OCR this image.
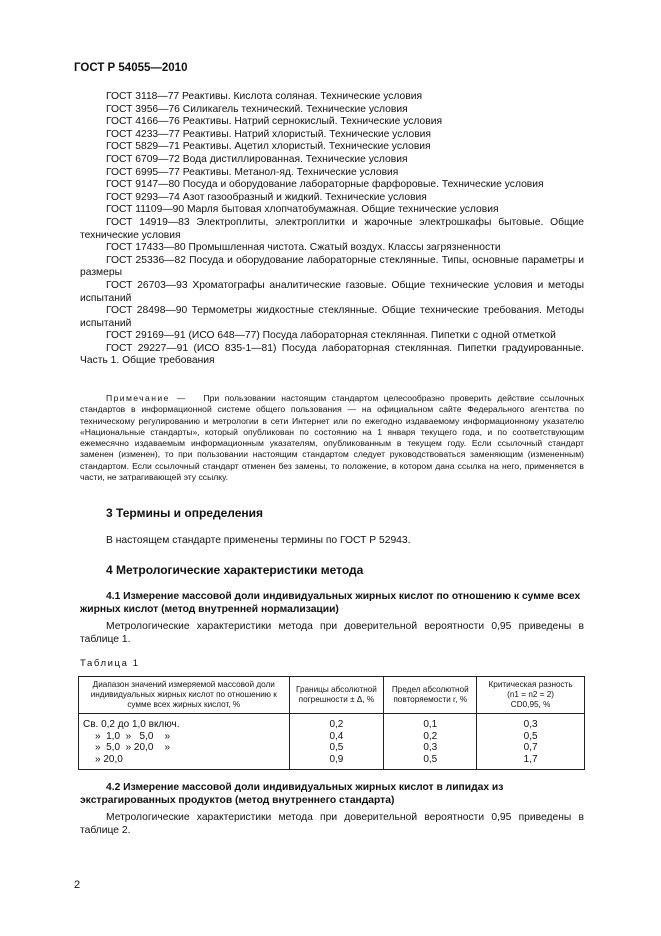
ГОСТ Р 54055—2010

ГОСТ 3118—77 Реактивы. Кислота соляная. Технические условия

ГОСТ 3956—76 Силикагель технический. Технические условия

ГОСТ 4166—76 Реактивы. Натрий сернокислый. Технические условия

ГОСТ 4233—77 Реактивы. Натрий хлористый. Технические условия

ГОСТ 5829—71 Реактивы. Ацетил хлористый. Технические условия

ГОСТ 6709—72 Вода дистиллированная. Технические условия

ГОСТ 6995—77 Реактивы. Метанол-яд. Технические условия

ГОСТ 9147—80 Посуда и оборудование лабораторные фарфоровые. Технические условия

ГОСТ 9293—74 Азот газообразный и жидкий. Технические условия

ГОСТ 11109—90 Марля бытовая хлопчатобумажная. Общие технические условия

ГОСТ 14919—83 Электроплиты, электроплитки и жарочные электрошкафы бытовые. Общие технические условия

ГОСТ 17433—80 Промышленная чистота. Сжатый воздух. Классы загрязненности

ГОСТ 25336—82 Посуда и оборудование лабораторные стеклянные. Типы, основные параметры и размеры

ГОСТ 26703—93 Хроматографы аналитические газовые. Общие технические условия и методы испытаний

ГОСТ 28498—90 Термометры жидкостные стеклянные. Общие технические требования. Методы испытаний

ГОСТ 29169—91 (ИСО 648—77) Посуда лабораторная стеклянная. Пипетки с одной отметкой

ГОСТ 29227—91 (ИСО 835-1—81) Посуда лабораторная стеклянная. Пипетки градуированные. Часть 1. Общие требования

Примечание — При пользовании настоящим стандартом целесообразно проверить действие ссылочных стандартов в информационной системе общего пользования — на официальном сайте Федерального агентства по техническому регулированию и метрологии в сети Интернет или по ежегодно издаваемому информационному указателю «Национальные стандарты», который опубликован по состоянию на 1 января текущего года, и по соответствующим ежемесячно издаваемым информационным указателям, опубликованным в текущем году. Если ссылочный стандарт заменен (изменен), то при пользовании настоящим стандартом следует руководствоваться заменяющим (измененным) стандартом. Если ссылочный стандарт отменен без замены, то положение, в котором дана ссылка на него, применяется в части, не затрагивающей эту ссылку.

3 Термины и определения

В настоящем стандарте применены термины по ГОСТ Р 52943.

4 Метрологические характеристики метода

4.1 Измерение массовой доли индивидуальных жирных кислот по отношению к сумме всех жирных кислот (метод внутренней нормализации)

Метрологические характеристики метода при доверительной вероятности 0,95 приведены в таблице 1.

Таблица 1

Диапазон значений измеряемой массовой доли индивидуальных жирных кислот по отношению к сумме всех жирных кислот, %	Границы абсолютной погрешности ± Δ, %	Предел абсолютной повторяемости r, %	Критическая разность
(n1 = n2 = 2)
CD0,95, %

Св. 0,2 до 1,0 включ.	0,2	0,1	0,3
»  1,0  »   5,0    »	0,4	0,2	0,5
»  5,0  » 20,0    »	0,5	0,3	0,7
» 20,0	0,9	0,5	1,7

4.2 Измерение массовой доли индивидуальных жирных кислот в липидах из экстрагированных продуктов (метод внутреннего стандарта)

Метрологические характеристики метода при доверительной вероятности 0,95 приведены в таблице 2.

2
